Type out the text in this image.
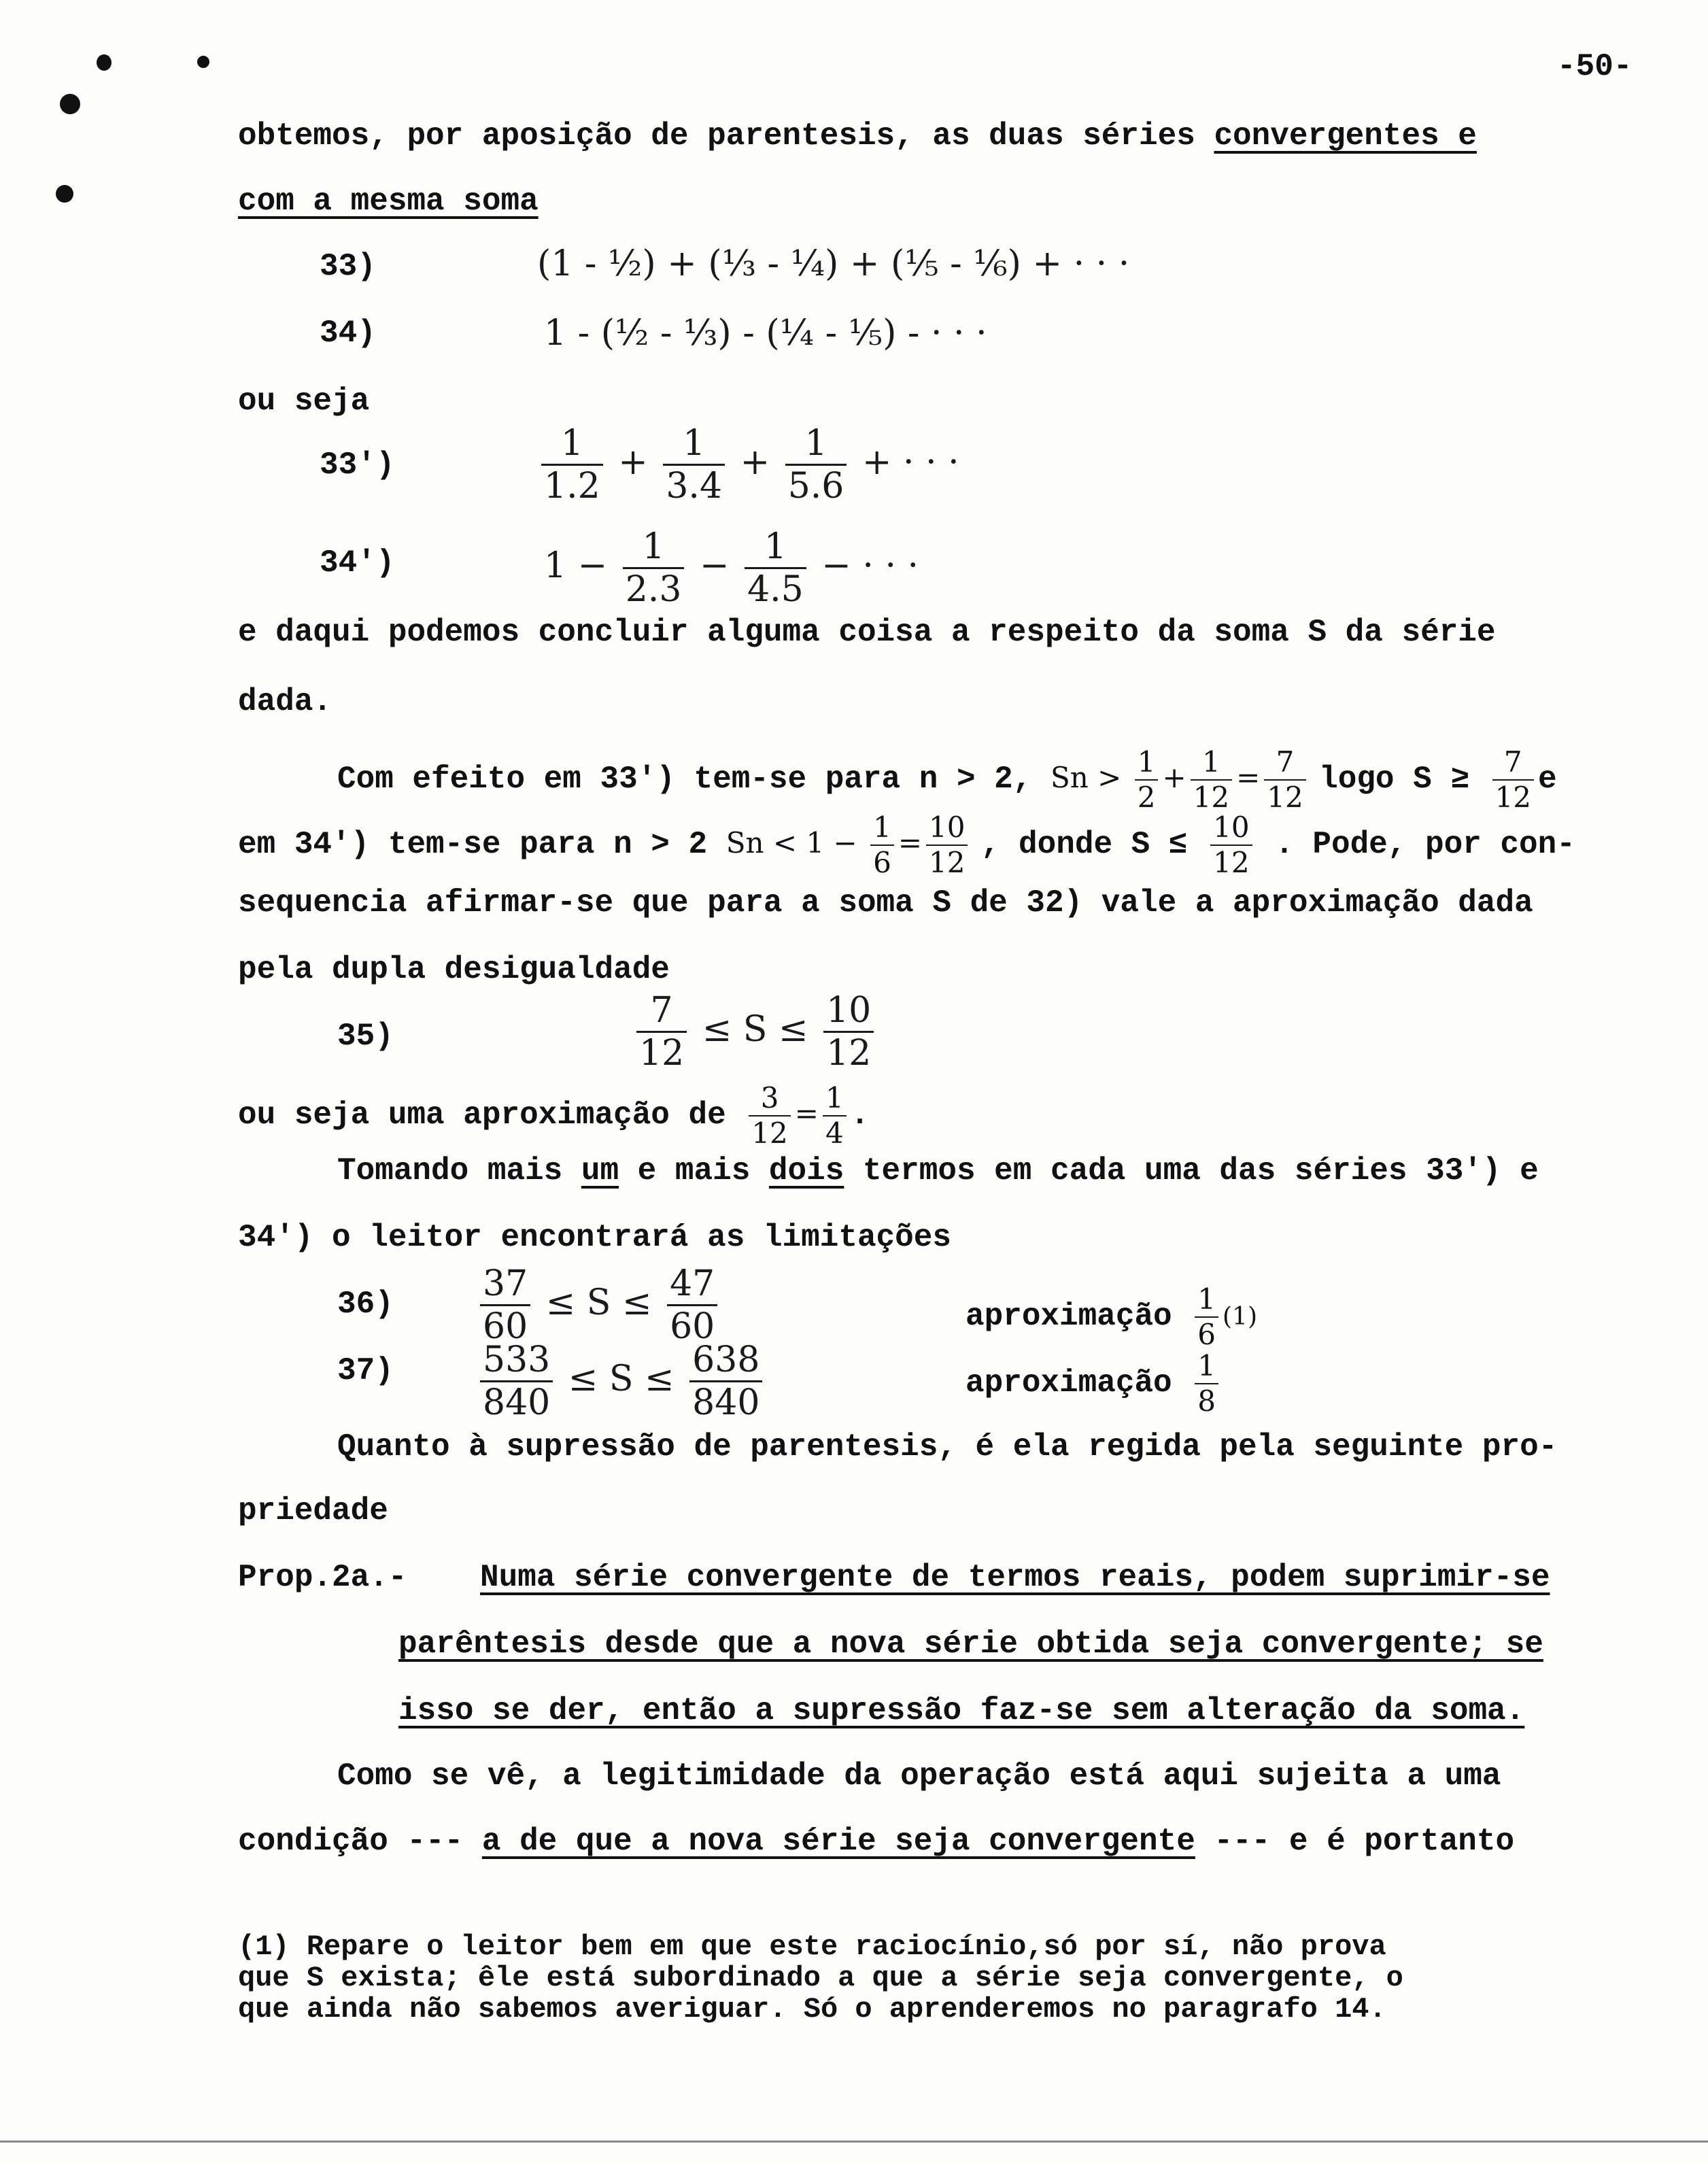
-50-
obtemos, por aposição de parentesis, as duas séries convergentes e
com a mesma soma
33)	(1 - ½) + (⅓ - ¼) + (⅕ - ⅙) + · · ·
34)	1 - (½ - ⅓) - (¼ - ⅕) - · · ·
ou seja
33')	$\frac{1}{1.2} + \frac{1}{3.4} + \frac{1}{5.6}$ + · · ·
34')	$1 - \frac{1}{2.3} - \frac{1}{4.5}$ − · · ·
e daqui podemos concluir alguma coisa a respeito da soma S da série
dada.
Com efeito em 33') tem-se para n > 2, $Sn > \frac{1}{2} + \frac{1}{12} = \frac{7}{12}$ logo $S \ge \frac{7}{12}$ e
em 34') tem-se para n > 2 $Sn < 1 - \frac{1}{6} = \frac{10}{12}$ , donde $S \le \frac{10}{12}$ . Pode, por con-
sequencia afirmar-se que para a soma S de 32) vale a aproximação dada
pela dupla desigualdade
35)	$\frac{7}{12} \le S \le \frac{10}{12}$
ou seja uma aproximação de $\frac{3}{12} = \frac{1}{4}$ .
Tomando mais um e mais dois termos em cada uma das séries 33') e
34') o leitor encontrará as limitações
$36) \frac{37}{60} \le S \le \frac{47}{60}$	aproximação $\frac{1}{6} (1)$
$37) \frac{533}{840} \le S \le \frac{638}{840}$	aproximação $\frac{1}{8}$
Quanto à supressão de parentesis, é ela regida pela seguinte pro-
priedade
Prop.2a.- Numa série convergente de termos reais, podem suprimir-se
parêntesis desde que a nova série obtida seja convergente; se
isso se der, então a supressão faz-se sem alteração da soma.
Como se vê, a legitimidade da operação está aqui sujeita a uma
condição --- a de que a nova série seja convergente --- e é portanto
(1) Repare o leitor bem em que este raciocínio,só por sí, não prova
que S exista; êle está subordinado a que a série seja convergente, o
que ainda não sabemos averiguar. Só o aprenderemos no paragrafo 14.
